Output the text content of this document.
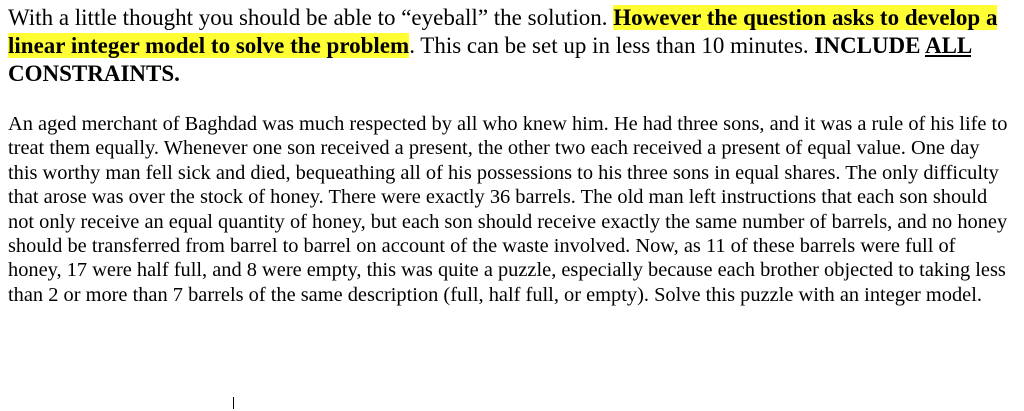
With a little thought you should be able to “eyeball” the solution. However the question asks to develop a linear integer model to solve the problem. This can be set up in less than 10 minutes. INCLUDE ALL CONSTRAINTS.

An aged merchant of Baghdad was much respected by all who knew him. He had three sons, and it was a rule of his life to treat them equally. Whenever one son received a present, the other two each received a present of equal value. One day this worthy man fell sick and died, bequeathing all of his possessions to his three sons in equal shares. The only difficulty that arose was over the stock of honey. There were exactly 36 barrels. The old man left instructions that each son should not only receive an equal quantity of honey, but each son should receive exactly the same number of barrels, and no honey should be transferred from barrel to barrel on account of the waste involved. Now, as 11 of these barrels were full of honey, 17 were half full, and 8 were empty, this was quite a puzzle, especially because each brother objected to taking less than 2 or more than 7 barrels of the same description (full, half full, or empty). Solve this puzzle with an integer model.
